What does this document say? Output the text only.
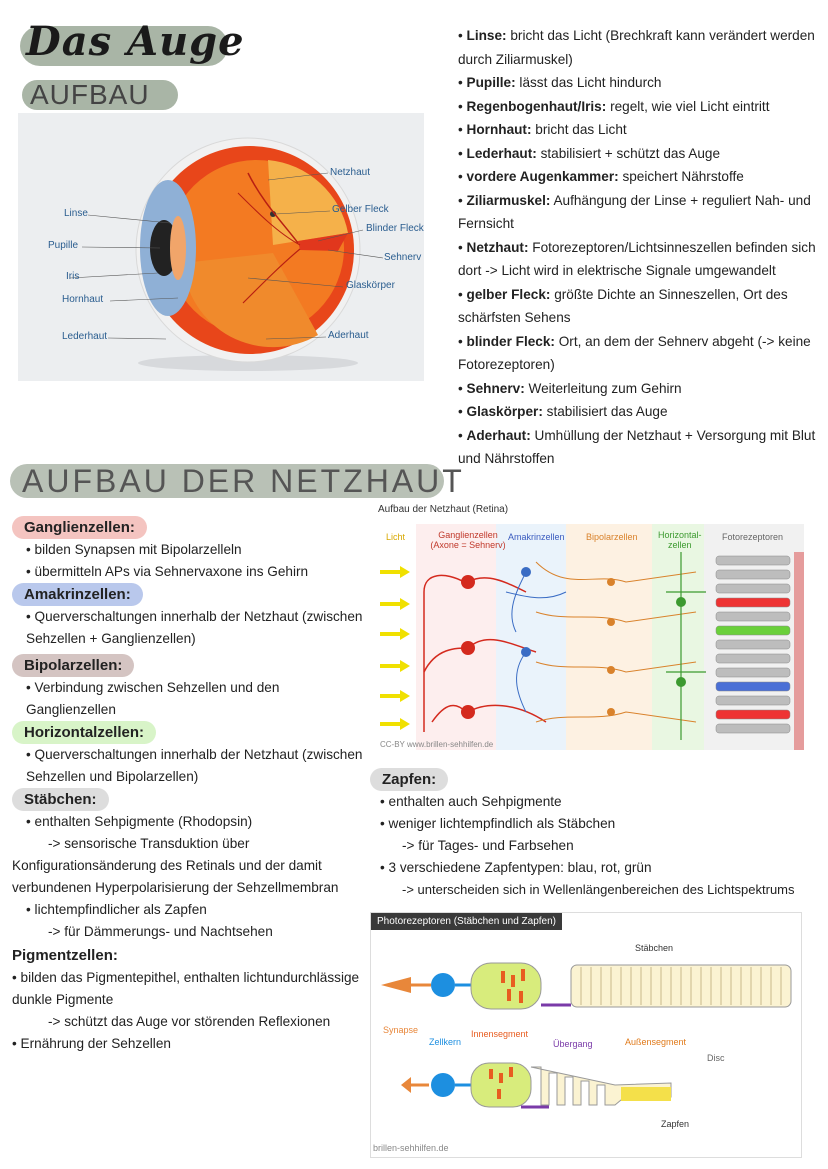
Das Auge
AUFBAU
Linse
Pupille
Iris
Hornhaut
Lederhaut
Netzhaut
Gelber Fleck
Blinder Fleck
Sehnerv
Glaskörper
Aderhaut
• Linse: bricht das Licht (Brechkraft kann verändert werden durch Ziliarmuskel)
• Pupille: lässt das Licht hindurch
• Regenbogenhaut/Iris: regelt, wie viel Licht eintritt
• Hornhaut: bricht das Licht
• Lederhaut: stabilisiert + schützt das Auge
• vordere Augenkammer: speichert Nährstoffe
• Ziliarmuskel: Aufhängung der Linse + reguliert Nah- und Fernsicht
• Netzhaut: Fotorezeptoren/Lichtsinneszellen befinden sich dort -> Licht wird in elektrische Signale umgewandelt
• gelber Fleck: größte Dichte an Sinneszellen, Ort des schärfsten Sehens
• blinder Fleck: Ort, an dem der Sehnerv abgeht (-> keine Fotorezeptoren)
• Sehnerv: Weiterleitung zum Gehirn
• Glaskörper: stabilisiert das Auge
• Aderhaut: Umhüllung der Netzhaut + Versorgung mit Blut und Nährstoffen
AUFBAU DER NETZHAUT
Ganglienzellen:
• bilden Synapsen mit Bipolarzelleln
• übermitteln APs via Sehnervaxone ins Gehirn
Amakrinzellen:
• Querverschaltungen innerhalb der Netzhaut (zwischen Sehzellen + Ganglienzellen)
Bipolarzellen:
• Verbindung zwischen Sehzellen und den Ganglienzellen
Horizontalzellen:
• Querverschaltungen innerhalb der Netzhaut (zwischen Sehzellen und Bipolarzellen)
Stäbchen:
• enthalten Sehpigmente (Rhodopsin)
-> sensorische Transduktion über
Konfigurationsänderung des Retinals und der damit verbundenen Hyperpolarisierung der Sehzellmembran
• lichtempfindlicher als Zapfen
-> für Dämmerungs- und Nachtsehen
Pigmentzellen:
• bilden das Pigmentepithel, enthalten lichtundurchlässige dunkle Pigmente
-> schützt das Auge vor störenden Reflexionen
• Ernährung der Sehzellen
Aufbau der Netzhaut (Retina)
Licht	Ganglienzellen
(Axone = Sehnerv)
Amakrinzellen Bipolarzellen Horizontal-
zellen
Fotorezeptoren
CC-BY www.brillen-sehhilfen.de
Zapfen:
• enthalten auch Sehpigmente
• weniger lichtempfindlich als Stäbchen
-> für Tages- und Farbsehen
• 3 verschiedene Zapfentypen: blau, rot, grün
-> unterscheiden sich in Wellenlängenbereichen des Lichtspektrums
Photorezeptoren (Stäbchen und Zapfen)
Stäbchen
Synapse
Zellkern
Innensegment
Übergang	Außensegment
Disc
Zapfen
brillen-sehhilfen.de
